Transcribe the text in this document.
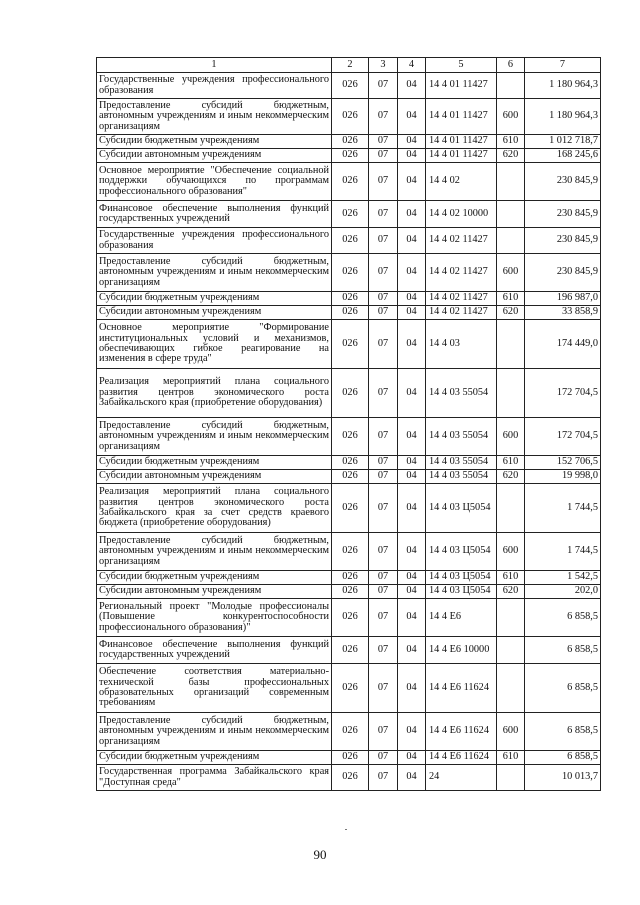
1	2	3	4	5	6	7
Государственные учреждения профессионального образования	026	07	04	14 4 01 11427		1 180 964,3
Предоставление субсидий бюджетным, автономным учреждениям и иным некоммерческим организациям	026	07	04	14 4 01 11427	600	1 180 964,3
Субсидии бюджетным учреждениям	026	07	04	14 4 01 11427	610	1 012 718,7
Субсидии автономным учреждениям	026	07	04	14 4 01 11427	620	168 245,6
Основное мероприятие "Обеспечение социальной поддержки обучающихся по программам профессионального образования"	026	07	04	14 4 02		230 845,9
Финансовое обеспечение выполнения функций государственных учреждений	026	07	04	14 4 02 10000		230 845,9
Государственные учреждения профессионального образования	026	07	04	14 4 02 11427		230 845,9
Предоставление субсидий бюджетным, автономным учреждениям и иным некоммерческим организациям	026	07	04	14 4 02 11427	600	230 845,9
Субсидии бюджетным учреждениям	026	07	04	14 4 02 11427	610	196 987,0
Субсидии автономным учреждениям	026	07	04	14 4 02 11427	620	33 858,9
Основное мероприятие "Формирование институциональных условий и механизмов, обеспечивающих гибкое реагирование на изменения в сфере труда"	026	07	04	14 4 03		174 449,0
Реализация мероприятий плана социального развития центров экономического роста Забайкальского края (приобретение оборудования)	026	07	04	14 4 03 55054		172 704,5
Предоставление субсидий бюджетным, автономным учреждениям и иным некоммерческим организациям	026	07	04	14 4 03 55054	600	172 704,5
Субсидии бюджетным учреждениям	026	07	04	14 4 03 55054	610	152 706,5
Субсидии автономным учреждениям	026	07	04	14 4 03 55054	620	19 998,0
Реализация мероприятий плана социального развития центров экономического роста Забайкальского края за счет средств краевого бюджета (приобретение оборудования)	026	07	04	14 4 03 Ц5054		1 744,5
Предоставление субсидий бюджетным, автономным учреждениям и иным некоммерческим организациям	026	07	04	14 4 03 Ц5054	600	1 744,5
Субсидии бюджетным учреждениям	026	07	04	14 4 03 Ц5054	610	1 542,5
Субсидии автономным учреждениям	026	07	04	14 4 03 Ц5054	620	202,0
Региональный проект "Молодые профессионалы (Повышение конкурентоспособности профессионального образования)"	026	07	04	14 4 E6		6 858,5
Финансовое обеспечение выполнения функций государственных учреждений	026	07	04	14 4 E6 10000		6 858,5
Обеспечение соответствия материально-технической базы профессиональных образовательных организаций современным требованиям	026	07	04	14 4 E6 11624		6 858,5
Предоставление субсидий бюджетным, автономным учреждениям и иным некоммерческим организациям	026	07	04	14 4 E6 11624	600	6 858,5
Субсидии бюджетным учреждениям	026	07	04	14 4 E6 11624	610	6 858,5
Государственная программа Забайкальского края "Доступная среда"	026	07	04	24		10 013,7
90
